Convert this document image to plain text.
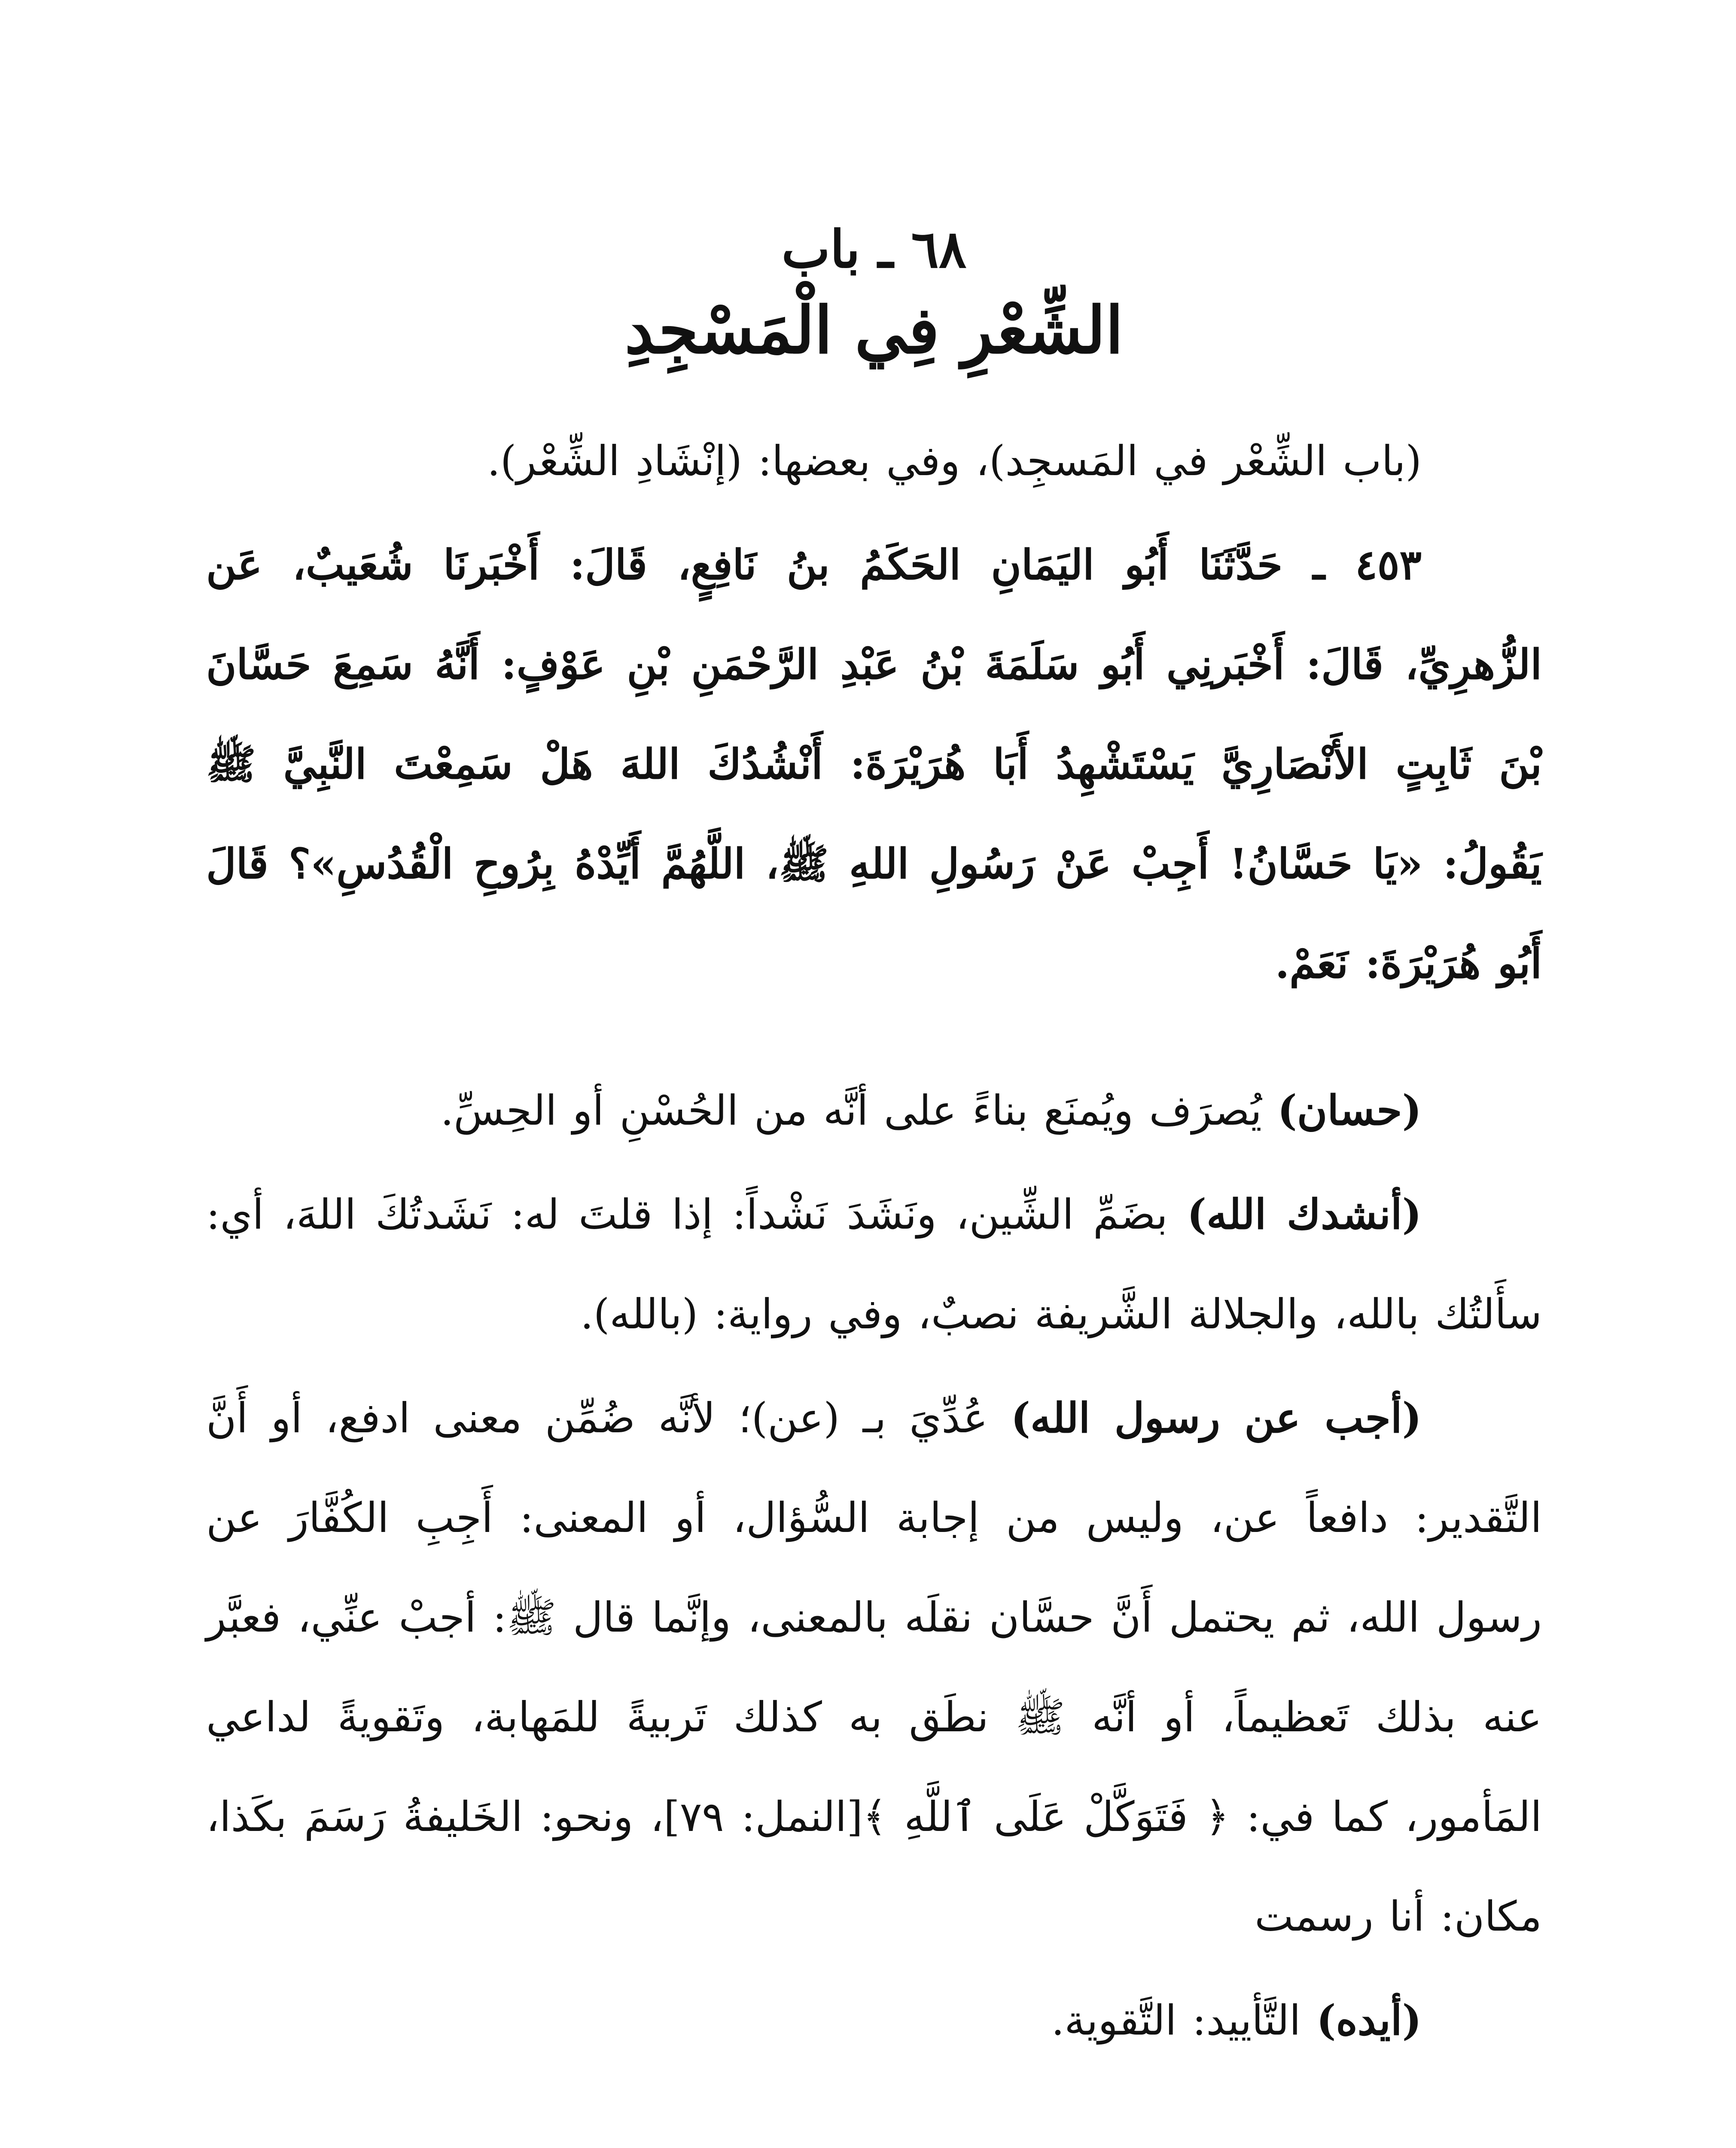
٦٨ ـ باب
الشِّعْرِ فِي الْمَسْجِدِ

(باب الشِّعْر في المَسجِد)، وفي بعضها: (إنْشَادِ الشِّعْر).

٤٥٣ ـ حَدَّثَنَا أَبُو اليَمَانِ الحَكَمُ بنُ نَافِعٍ، قَالَ: أَخْبَرنَا شُعَيبٌ، عَن الزُّهرِيِّ، قَالَ: أَخْبَرنِي أَبُو سَلَمَةَ بْنُ عَبْدِ الرَّحْمَنِ بْنِ عَوْفٍ: أَنَّهُ سَمِعَ حَسَّانَ بْنَ ثَابِتٍ الأَنْصَارِيَّ يَسْتَشْهِدُ أَبَا هُرَيْرَةَ: أَنْشُدُكَ اللهَ هَلْ سَمِعْتَ النَّبِيَّ ﷺ يَقُولُ: «يَا حَسَّانُ! أَجِبْ عَنْ رَسُولِ اللهِ ﷺ، اللَّهُمَّ أَيِّدْهُ بِرُوحِ الْقُدُسِ»؟ قَالَ أَبُو هُرَيْرَةَ: نَعَمْ.

(حسان) يُصرَف ويُمنَع بناءً على أنَّه من الحُسْنِ أو الحِسِّ.

(أنشدك الله) بضَمِّ الشِّين، ونَشَدَ نَشْداً: إذا قلتَ له: نَشَدتُكَ اللهَ، أي: سأَلتُك بالله، والجلالة الشَّريفة نصبٌ، وفي رواية: (بالله).

(أجب عن رسول الله) عُدِّيَ بـ (عن)؛ لأنَّه ضُمِّن معنى ادفع، أو أَنَّ التَّقدير: دافعاً عن، وليس من إجابة السُّؤال، أو المعنى: أَجِبِ الكُفَّارَ عن رسول الله، ثم يحتمل أَنَّ حسَّان نقلَه بالمعنى، وإنَّما قال ﷺ: أجبْ عنِّي، فعبَّر عنه بذلك تَعظيماً، أو أنَّه ﷺ نطَق به كذلك تَربيةً للمَهابة، وتَقويةً لداعي المَأمور، كما في: ﴿ فَتَوَكَّلْ عَلَى ٱللَّهِ ﴾[النمل: ٧٩]، ونحو: الخَليفةُ رَسَمَ بكَذا، مكان: أنا رسمت

(أيده) التَّأييد: التَّقوية.
